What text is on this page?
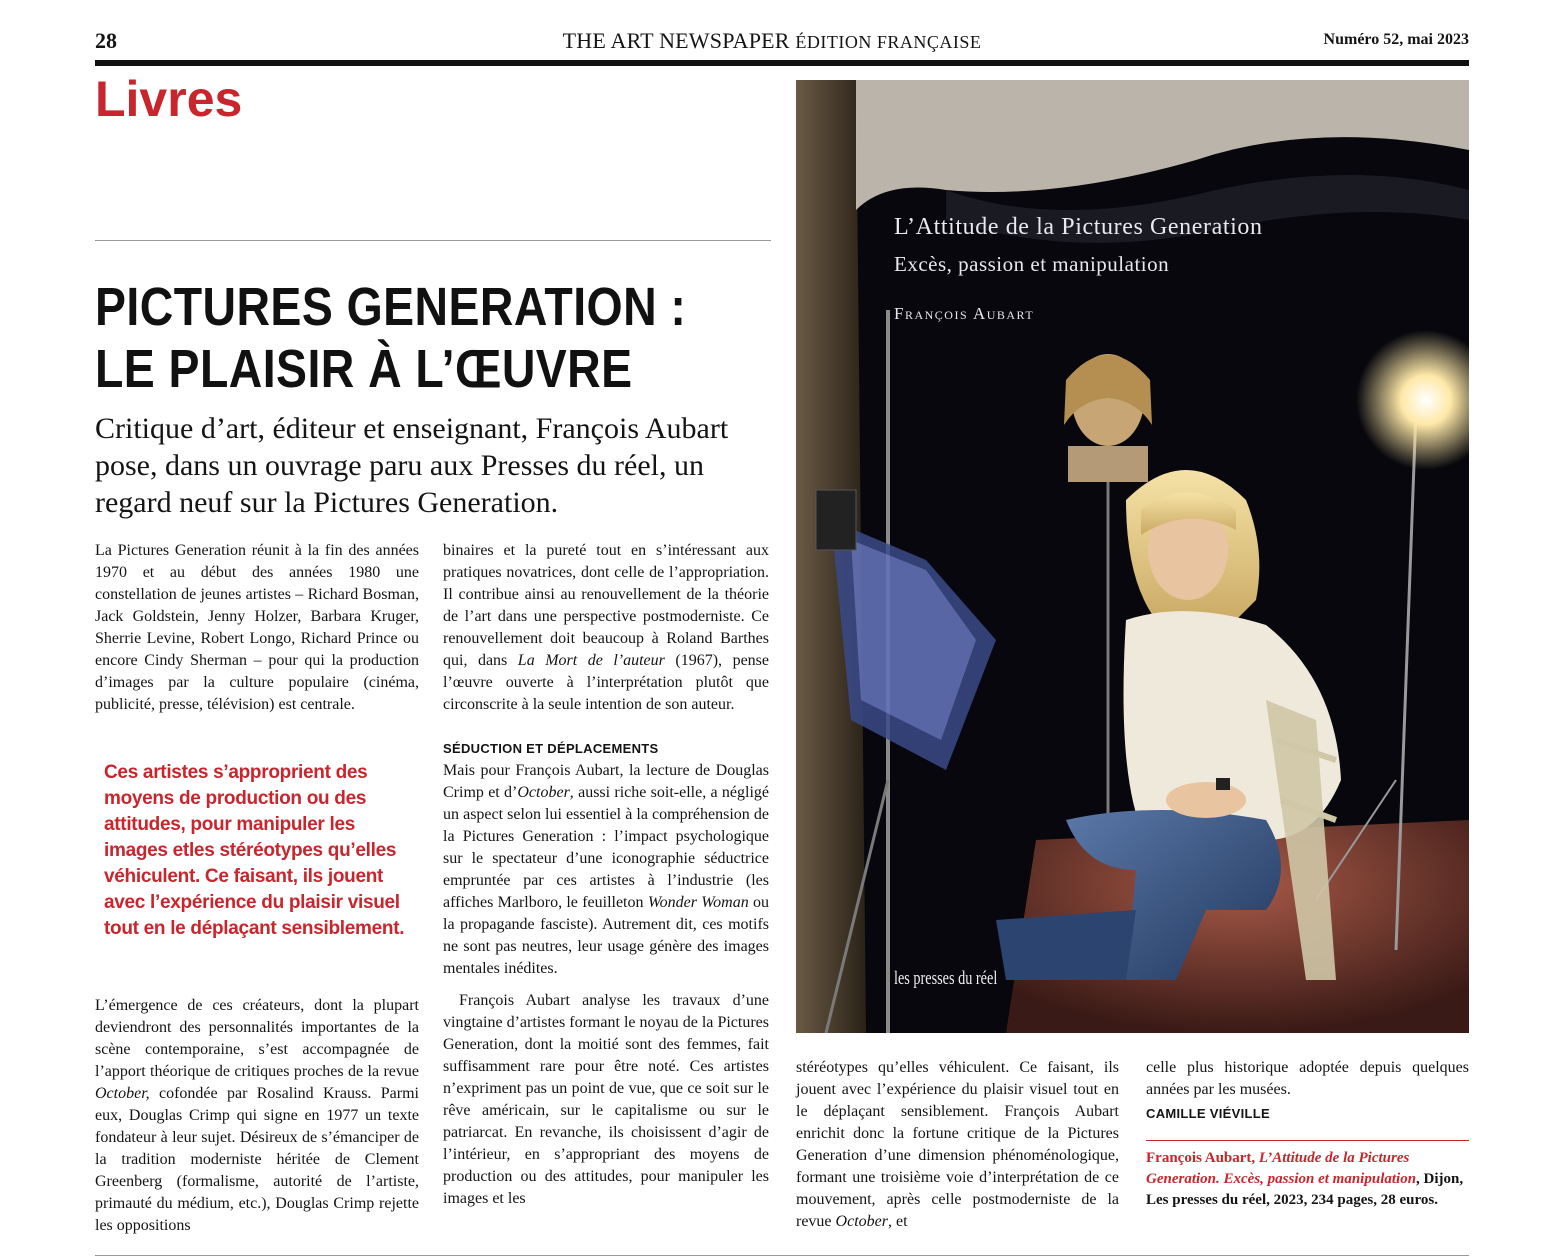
28	THE ART NEWSPAPER ÉDITION FRANÇAISE	Numéro 52, mai 2023
Livres
PICTURES GENERATION :
LE PLAISIR À L’ŒUVRE

Critique d’art, éditeur et enseignant, François Aubart pose, dans un ouvrage paru aux Presses du réel, un regard neuf sur la Pictures Generation.

La Pictures Generation réunit à la fin des années 1970 et au début des années 1980 une constellation de jeunes artistes – Richard Bosman, Jack Goldstein, Jenny Holzer, Barbara Kruger, Sherrie Levine, Robert Longo, Richard Prince ou encore Cindy Sherman – pour qui la production d’images par la culture populaire (cinéma, publicité, presse, télévision) est centrale.

Ces artistes s’approprient des moyens de production ou des attitudes, pour manipuler les images etles stéréotypes qu’elles véhiculent. Ce faisant, ils jouent avec l’expérience du plaisir visuel tout en le déplaçant sensiblement.

L’émergence de ces créateurs, dont la plupart deviendront des personnalités importantes de la scène contemporaine, s’est accompagnée de l’apport théorique de critiques proches de la revue October, cofondée par Rosalind Krauss. Parmi eux, Douglas Crimp qui signe en 1977 un texte fondateur à leur sujet. Désireux de s’émanciper de la tradition moderniste héritée de Clement Greenberg (formalisme, autorité de l’artiste, primauté du médium, etc.), Douglas Crimp rejette les oppositions

binaires et la pureté tout en s’intéressant aux pratiques novatrices, dont celle de l’appropriation. Il contribue ainsi au renouvellement de la théorie de l’art dans une perspective postmoderniste. Ce renouvellement doit beaucoup à Roland Barthes qui, dans La Mort de l’auteur (1967), pense l’œuvre ouverte à l’interprétation plutôt que circonscrite à la seule intention de son auteur.

SÉDUCTION ET DÉPLACEMENTS

Mais pour François Aubart, la lecture de Douglas Crimp et d’October, aussi riche soit-elle, a négligé un aspect selon lui essentiel à la compréhension de la Pictures Generation : l’impact psychologique sur le spectateur d’une iconographie séductrice empruntée par ces artistes à l’industrie (les affiches Marlboro, le feuilleton Wonder Woman ou la propagande fasciste). Autrement dit, ces motifs ne sont pas neutres, leur usage génère des images mentales inédites.

François Aubart analyse les travaux d’une vingtaine d’artistes formant le noyau de la Pictures Generation, dont la moitié sont des femmes, fait suffisamment rare pour être noté. Ces artistes n’expriment pas un point de vue, que ce soit sur le rêve américain, sur le capitalisme ou sur le patriarcat. En revanche, ils choisissent d’agir de l’intérieur, en s’appropriant des moyens de production ou des attitudes, pour manipuler les images et les

stéréotypes qu’elles véhiculent. Ce faisant, ils jouent avec l’expérience du plaisir visuel tout en le déplaçant sensiblement. François Aubart enrichit donc la fortune critique de la Pictures Generation d’une dimension phénoménologique, formant une troisième voie d’interprétation de ce mouvement, après celle postmoderniste de la revue October, et

celle plus historique adoptée depuis quelques années par les musées.

CAMILLE VIÉVILLE

François Aubart, L’Attitude de la Pictures Generation. Excès, passion et manipulation, Dijon, Les presses du réel, 2023, 234 pages, 28 euros.
L’Attitude de la Pictures Generation
Excès, passion et manipulation
François Aubart
les presses du réel
